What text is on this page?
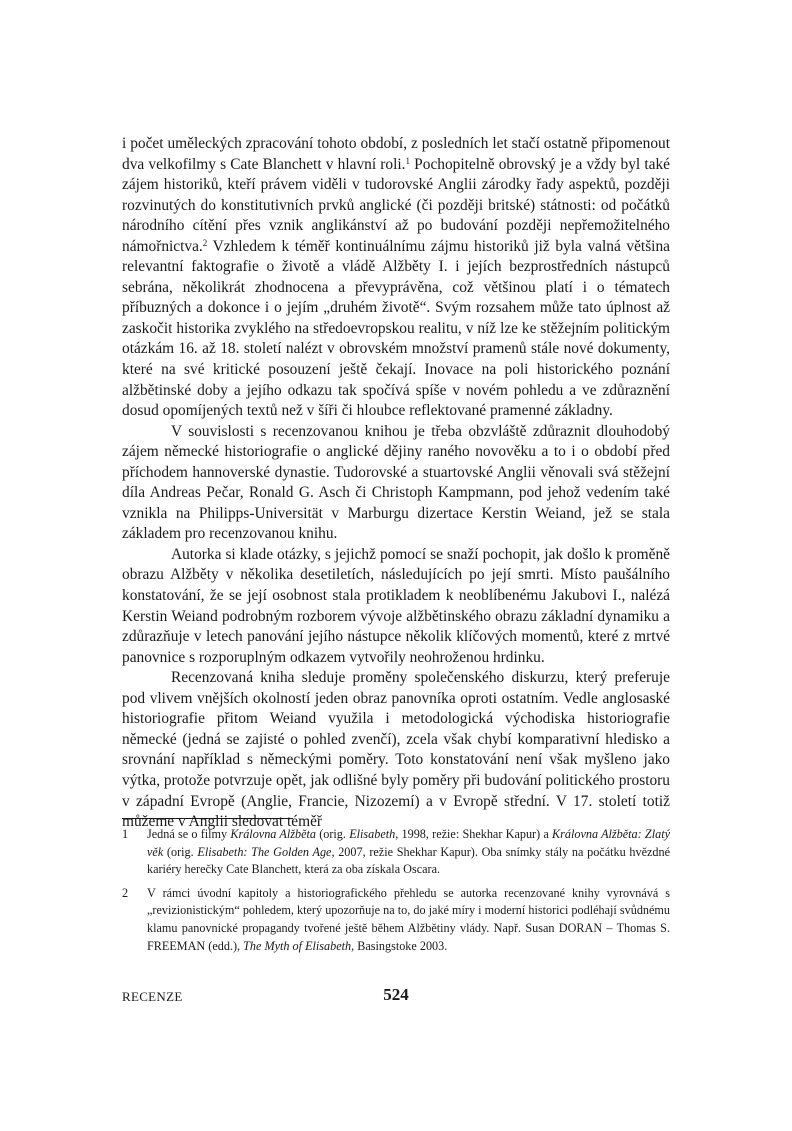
i počet uměleckých zpracování tohoto období, z posledních let stačí ostatně připomenout dva velkofilmy s Cate Blanchett v hlavní roli.$^1$ Pochopitelně obrovský je a vždy byl také zájem historiků, kteří právem viděli v tudorovské Anglii zárodky řady aspektů, později rozvinutých do konstitutivních prvků anglické (či později britské) státnosti: od počátků národního cítění přes vznik anglikánství až po budování později nepřemožitelného námořnictva.$^2$ Vzhledem k téměř kontinuálnímu zájmu historiků již byla valná většina relevantní faktografie o životě a vládě Alžběty I. i jejích bezprostředních nástupců sebrána, několikrát zhodnocena a převyprávěna, což většinou platí i o tématech příbuzných a dokonce i o jejím „druhém životě“. Svým rozsahem může tato úplnost až zaskočit historika zvyklého na středoevropskou realitu, v níž lze ke stěžejním politickým otázkám 16. až 18. století nalézt v obrovském množství pramenů stále nové dokumenty, které na své kritické posouzení ještě čekají. Inovace na poli historického poznání alžbětinské doby a jejího odkazu tak spočívá spíše v novém pohledu a ve zdůraznění dosud opomíjených textů než v šíři či hloubce reflektované pramenné základny.

V souvislosti s recenzovanou knihou je třeba obzvláště zdůraznit dlouhodobý zájem německé historiografie o anglické dějiny raného novověku a to i o období před příchodem hannoverské dynastie. Tudorovské a stuartovské Anglii věnovali svá stěžejní díla Andreas Pečar, Ronald G. Asch či Christoph Kampmann, pod jehož vedením také vznikla na Philipps-Universität v Marburgu dizertace Kerstin Weiand, jež se stala základem pro recenzovanou knihu.

Autorka si klade otázky, s jejichž pomocí se snaží pochopit, jak došlo k proměně obrazu Alžběty v několika desetiletích, následujících po její smrti. Místo paušálního konstatování, že se její osobnost stala protikladem k neoblíbenému Jakubovi I., nalézá Kerstin Weiand podrobným rozborem vývoje alžbětinského obrazu základní dynamiku a zdůrazňuje v letech panování jejího nástupce několik klíčových momentů, které z mrtvé panovnice s rozporuplným odkazem vytvořily neohroženou hrdinku.

Recenzovaná kniha sleduje proměny společenského diskurzu, který preferuje pod vlivem vnějších okolností jeden obraz panovníka oproti ostatním. Vedle anglosaské historiografie přitom Weiand využila i metodologická východiska historiografie německé (jedná se zajisté o pohled zvenčí), zcela však chybí komparativní hledisko a srovnání například s německými poměry. Toto konstatování není však myšleno jako výtka, protože potvrzuje opět, jak odlišné byly poměry při budování politického prostoru v západní Evropě (Anglie, Francie, Nizozemí) a v Evropě střední. V 17. století totiž můžeme v Anglii sledovat téměř

1	Jedná se o filmy Královna Alžběta (orig. Elisabeth, 1998, režie: Shekhar Kapur) a Královna Alžběta: Zlatý věk (orig. Elisabeth: The Golden Age, 2007, režie Shekhar Kapur). Oba snímky stály na počátku hvězdné kariéry herečky Cate Blanchett, která za oba získala Oscara.
2	V rámci úvodní kapitoly a historiografického přehledu se autorka recenzované knihy vyrovnává s „revizionistickým“ pohledem, který upozorňuje na to, do jaké míry i moderní historici podléhají svůdnému klamu panovnické propagandy tvořené ještě během Alžbětiny vlády. Např. Susan DORAN – Thomas S. FREEMAN (edd.), The Myth of Elisabeth, Basingstoke 2003.
RECENZE	524
